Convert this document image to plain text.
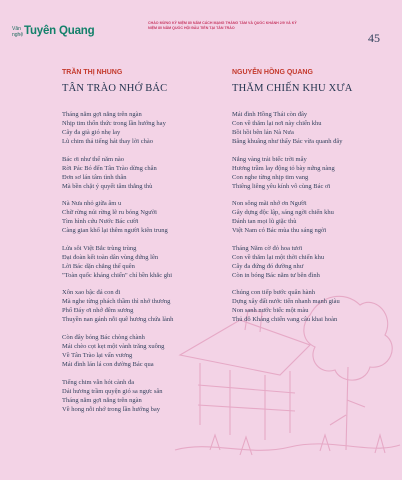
Văn nghệ Tuyên Quang
CHÀO MỪNG KỶ NIỆM 80 NĂM CÁCH MẠNG THÁNG TÁM VÀ QUỐC KHÁNH 2/9 VÀ KỶ NIỆM 80 NĂM QUỐC HỘI ĐẦU TIÊN TẠI TÂN TRÀO
45
TRẦN THỊ NHUNG
TÂN TRÀO NHỚ BÁC
Tháng năm gợi nắng trên ngàn
Nhịp tim thổn thức trong lần hướng hay
Cây đa già gió nhẹ lay
Lũ chim thả tiếng hát thay lời chào
Bác ơi như thể năm nào
Rời Pác Bó đến Tân Trào dừng chân
Đơn sơ lán tâm tình thân
Mà bền chặt ý quyết tâm thắng thù
Nà Nưa nhỏ giữa âm u
Chữ rừng núi rừng lẽ ru bóng Người
Tìm hình cứu Nước Bác cười
Càng gian khổ lại thêm người kiên trung
Lửa sôi Việt Bắc trùng trùng
Đại đoàn kết toàn dân vùng đứng lên
Lời Bác dặn chẳng thể quên
"Toàn quốc kháng chiến" chí bền khắc ghi
Xôn xao bậc đá con đi
Mà nghe từng phách thầm thì nhớ thương
Phổ Đáy ơi nhớ đêm sương
Thuyền nan gánh nỗi quê hương chứa lành
Còn đây bóng Bác chòng chành
Mái chèo cọt kẹt một vành trăng xuông
Về Tân Trào lại vấn vương
Mái đình lán lá con đường Bác qua
Tiếng chim vẫn hót cành đa
Dải hương trầm quyện gió sa ngực sân
Tháng năm gợi nắng trên ngàn
Về hong nỗi nhớ trong lần hướng bay
NGUYỄN HỒNG QUANG
THĂM CHIẾN KHU XƯA
Mái đình Hồng Thái còn đây
Con về thăm lại nơi này chiến khu
Bồi hồi bên lán Nà Nưa
Bâng khuâng như thấy Bác vừa quanh đây
Nắng vàng trải biếc trời mây
Hương trầm lay động tỏ bày nứng nàng
Con nghe từng nhịp tim vang
Thiêng liêng yêu kính vô cùng Bác ơi
Non sông mãi nhớ ơn Người
Gây dựng độc lập, sáng ngời chiến khu
Đánh tan mọi lũ giặc thù
Việt Nam có Bác mùa thu sáng ngời
Tháng Năm cờ đỏ hoa tươi
Con về thăm lại một thời chiến khu
Cây đa đứng đó đường như
Còn in bóng Bác năm tư bên đình
Chúng con tiếp bước quân hành
Dựng xây đất nước tiến nhanh mạnh giàu
Non sanh nước biếc một màu
Thủ đô Kháng chiến vang câu khai hoàn
